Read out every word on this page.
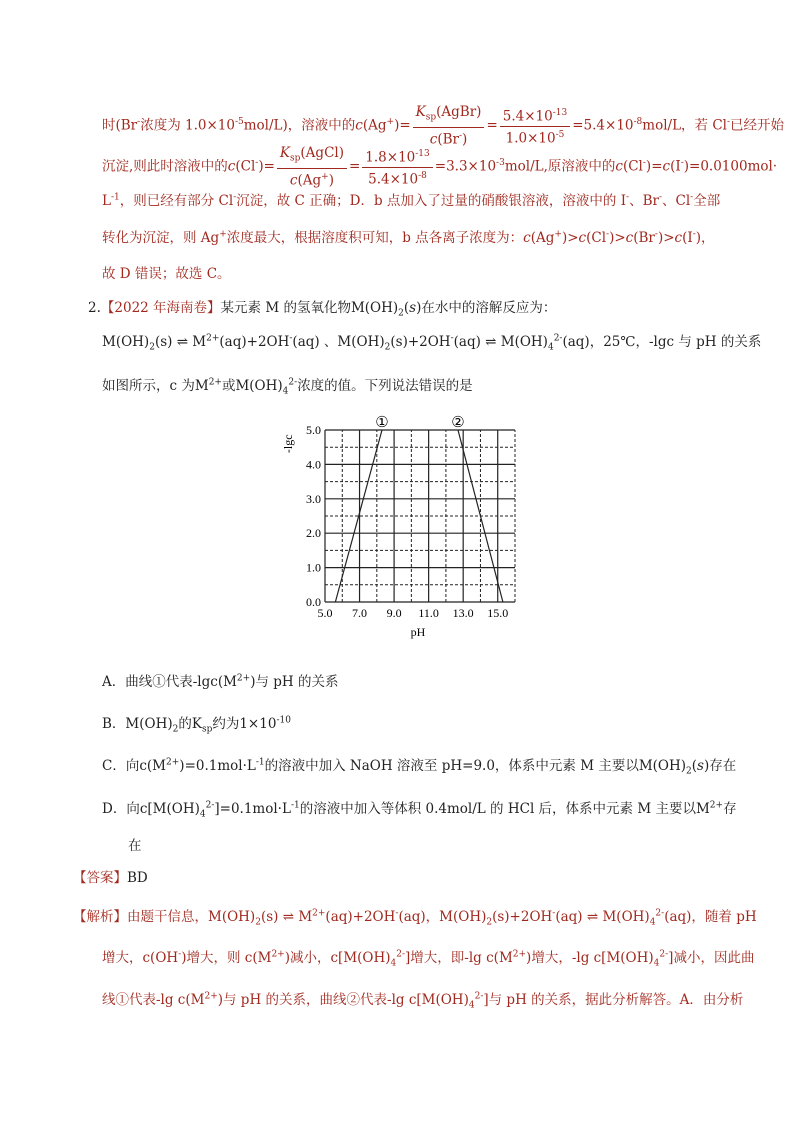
时(Br-浓度为 $1.0\times 10^{-5}mol/L$)，溶液中的$c(Ag^+)= \frac{K_{sp}(AgBr)}{c(Br^-)} = \frac{5.4\times 10^{-13}}{1.0\times 10^{-5}} =5.4\times 10^{-8}mol/L$，若 Cl-已经开始
沉淀,则此时溶液中的$c(Cl^-)= \frac{K_{sp}(AgCl)}{c(Ag^+)} = \frac{1.8\times 10^{-13}}{5.4\times 10^{-8}} =3.3\times 10^{-3}mol/L$,原溶液中的c(Cl-)=c(I-)=0.0100mol·
$L^{-1}$，则已经有部分 Cl-沉淀，故 C 正确；D．b 点加入了过量的硝酸银溶液，溶液中的 I-、Br-、Cl-全部
转化为沉淀，则 Ag+浓度最大，根据溶度积可知，b 点各离子浓度为：c(Ag+)>c(Cl-)>c(Br-)>c(I-)，
故 D 错误；故选 C。
2.【2022 年海南卷】某元素 M 的氢氧化物$M(OH)_2(s)$在水中的溶解反应为：
$M(OH)_2(s)$ ⇌ $M^{2+}(aq)+2OH^-(aq)$ 、$M(OH)_2(s)+2OH^-(aq)$ ⇌ $M(OH)_4^{2-}(aq)$，25℃，-lgc 与 pH 的关系
如图所示，c 为$M^{2+}$或$M(OH)_4^{2-}$浓度的值。下列说法错误的是
5.0 7.0 9.0 11.0 13.0 15.0
0.0
1.0
2.0
3.0
4.0
5.0
pH
-lgc
①	②
A．曲线①代表$-\lg c(M^{2+})$与 pH 的关系
B．$M(OH)_2$的$K_{sp}$约为$1\times 10^{-10}$
C．向$c(M^{2+})=0.1mol\cdot L^{-1}$的溶液中加入 NaOH 溶液至 pH=9.0，体系中元素 M 主要以$M(OH)_2(s)$存在
D．向$c[M(OH)_4^{2-}]=0.1mol\cdot L^{-1}$的溶液中加入等体积 0.4mol/L 的 HCl 后，体系中元素 M 主要以$M^{2+}$存
在
【答案】BD
【解析】由题干信息，$M(OH)_2(s)$ ⇌ $M^{2+}(aq)+2OH^-(aq)$，$M(OH)_2(s)+2OH^-(aq)$ ⇌ $M(OH)_4^{2-}(aq)$，随着 pH
增大，c(OH-)增大，则 $c(M^{2+})$减小，$c[M(OH)_4^{2-}]$增大，即-lg $c(M^{2+})$增大，-lg $c[M(OH)_4^{2-}]$减小，因此曲
线①代表-lg $c(M^{2+})$与 pH 的关系，曲线②代表-lg $c[M(OH)_4^{2-}]$与 pH 的关系，据此分析解答。A．由分析
